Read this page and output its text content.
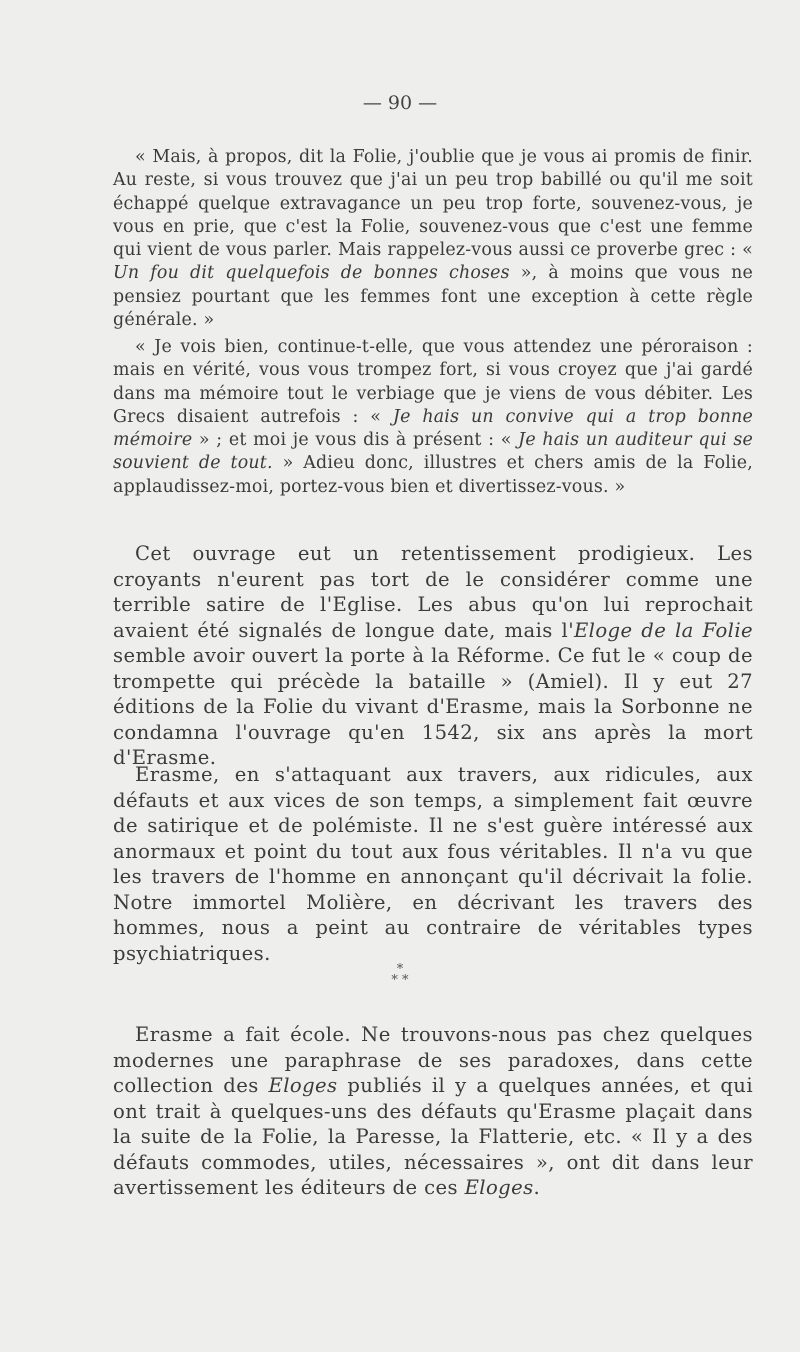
— 90 —

« Mais, à propos, dit la Folie, j'oublie que je vous ai promis de finir. Au reste, si vous trouvez que j'ai un peu trop babillé ou qu'il me soit échappé quelque extravagance un peu trop forte, souvenez-vous, je vous en prie, que c'est la Folie, souvenez-vous que c'est une femme qui vient de vous parler. Mais rappelez-vous aussi ce proverbe grec : « Un fou dit quelquefois de bonnes choses », à moins que vous ne pensiez pourtant que les femmes font une exception à cette règle générale. »

« Je vois bien, continue-t-elle, que vous attendez une péroraison : mais en vérité, vous vous trompez fort, si vous croyez que j'ai gardé dans ma mémoire tout le verbiage que je viens de vous débiter. Les Grecs disaient autrefois : « Je hais un convive qui a trop bonne mémoire » ; et moi je vous dis à présent : « Je hais un auditeur qui se souvient de tout. » Adieu donc, illustres et chers amis de la Folie, applaudissez-moi, portez-vous bien et divertissez-vous. »

Cet ouvrage eut un retentissement prodigieux. Les croyants n'eurent pas tort de le considérer comme une terrible satire de l'Eglise. Les abus qu'on lui reprochait avaient été signalés de longue date, mais l'Eloge de la Folie semble avoir ouvert la porte à la Réforme. Ce fut le « coup de trompette qui précède la bataille » (Amiel). Il y eut 27 éditions de la Folie du vivant d'Erasme, mais la Sorbonne ne condamna l'ouvrage qu'en 1542, six ans après la mort d'Erasme.

Erasme, en s'attaquant aux travers, aux ridicules, aux défauts et aux vices de son temps, a simplement fait œuvre de satirique et de polémiste. Il ne s'est guère intéressé aux anormaux et point du tout aux fous véritables. Il n'a vu que les travers de l'homme en annonçant qu'il décrivait la folie. Notre immortel Molière, en décrivant les travers des hommes, nous a peint au contraire de véritables types psychiatriques.

*
* *

Erasme a fait école. Ne trouvons-nous pas chez quelques modernes une paraphrase de ses paradoxes, dans cette collection des Eloges publiés il y a quelques années, et qui ont trait à quelques-uns des défauts qu'Erasme plaçait dans la suite de la Folie, la Paresse, la Flatterie, etc. « Il y a des défauts commodes, utiles, nécessaires », ont dit dans leur avertissement les éditeurs de ces Eloges.
